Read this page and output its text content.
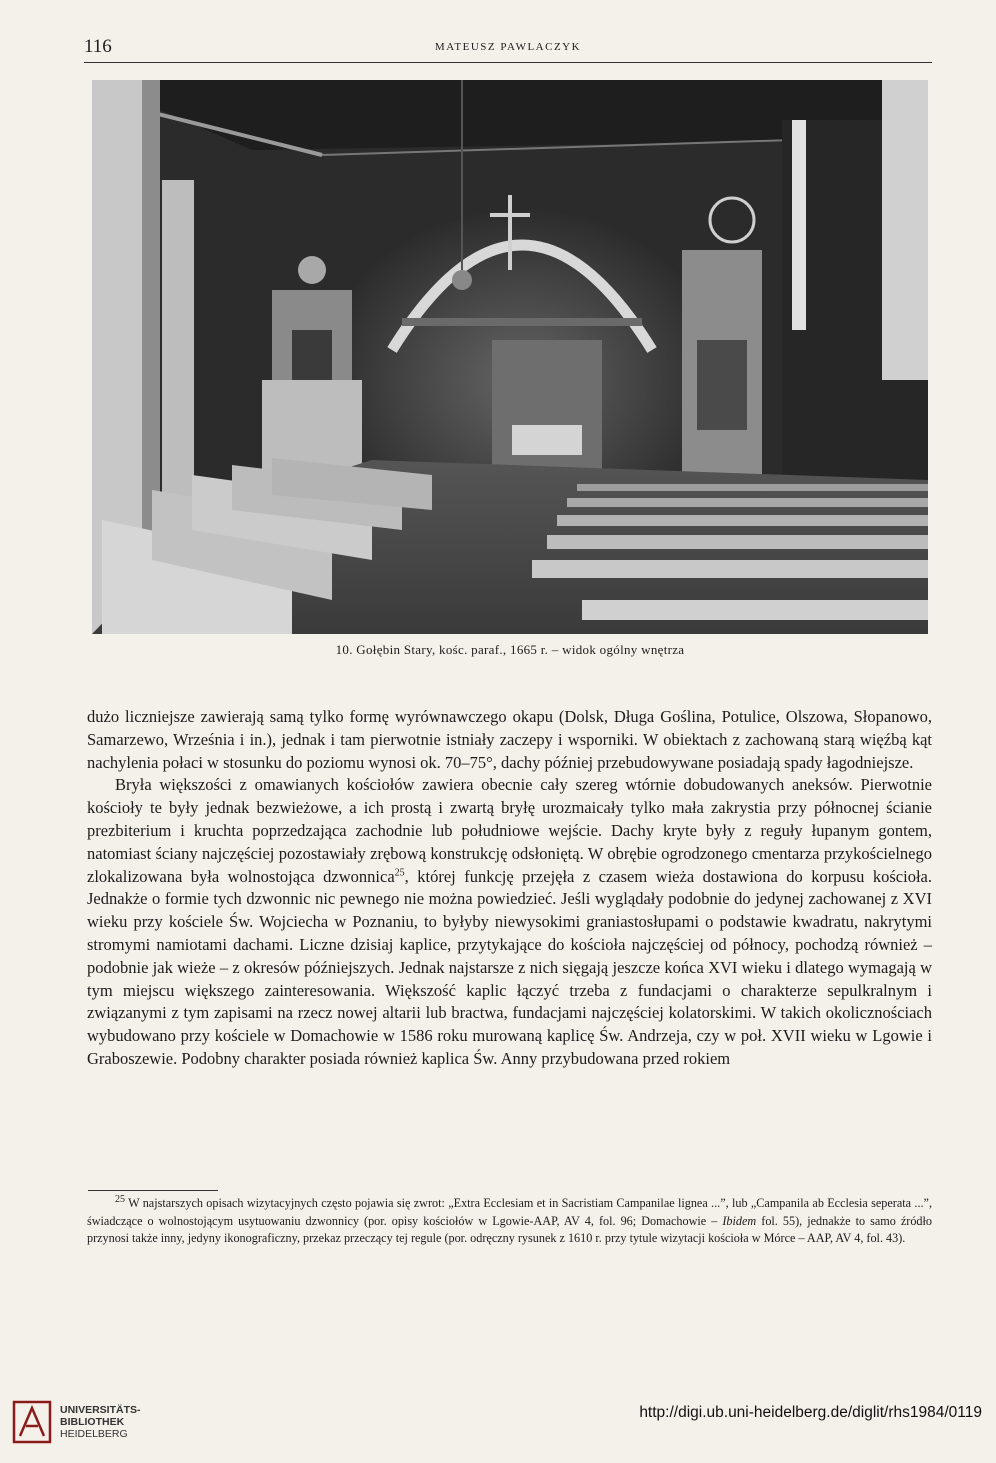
116	MATEUSZ PAWLACZYK
10. Gołębin Stary, kośc. paraf., 1665 r. – widok ogólny wnętrza

dużo liczniejsze zawierają samą tylko formę wyrównawczego okapu (Dolsk, Długa Goślina, Potulice, Olszowa, Słopanowo, Samarzewo, Września i in.), jednak i tam pierwotnie istniały zaczepy i wsporniki. W obiektach z zachowaną starą więźbą kąt nachylenia połaci w stosunku do poziomu wynosi ok. 70–75°, dachy później przebudowywane posiadają spady łagodniejsze.

Bryła większości z omawianych kościołów zawiera obecnie cały szereg wtórnie dobudowanych aneksów. Pierwotnie kościoły te były jednak bezwieżowe, a ich prostą i zwartą bryłę urozmaicały tylko mała zakrystia przy północnej ścianie prezbiterium i kruchta poprzedzająca zachodnie lub południowe wejście. Dachy kryte były z reguły łupanym gontem, natomiast ściany najczęściej pozostawiały zrębową konstrukcję odsłoniętą. W obrębie ogrodzonego cmentarza przykościelnego zlokalizowana była wolnostojąca dzwonnica$^{25}$, której funkcję przejęła z czasem wieża dostawiona do korpusu kościoła. Jednakże o formie tych dzwonnic nic pewnego nie można powiedzieć. Jeśli wyglądały podobnie do jedynej zachowanej z XVI wieku przy kościele Św. Wojciecha w Poznaniu, to byłyby niewysokimi graniastosłupami o podstawie kwadratu, nakrytymi stromymi namiotami dachami. Liczne dzisiaj kaplice, przytykające do kościoła najczęściej od północy, pochodzą również – podobnie jak wieże – z okresów późniejszych. Jednak najstarsze z nich sięgają jeszcze końca XVI wieku i dlatego wymagają w tym miejscu większego zainteresowania. Większość kaplic łączyć trzeba z fundacjami o charakterze sepulkralnym i związanymi z tym zapisami na rzecz nowej altarii lub bractwa, fundacjami najczęściej kolatorskimi. W takich okolicznościach wybudowano przy kościele w Domachowie w 1586 roku murowaną kaplicę Św. Andrzeja, czy w poł. XVII wieku w Lgowie i Graboszewie. Podobny charakter posiada również kaplica Św. Anny przybudowana przed rokiem

$^{25}$ W najstarszych opisach wizytacyjnych często pojawia się zwrot: „Extra Ecclesiam et in Sacristiam Campanilae lignea ...”, lub „Campanila ab Ecclesia seperata ...”, świadczące o wolnostojącym usytuowaniu dzwonnicy (por. opisy kościołów w Lgowie-AAP, AV 4, fol. 96; Domachowie – Ibidem fol. 55), jednakże to samo źródło przynosi także inny, jedyny ikonograficzny, przekaz przeczący tej regule (por. odręczny rysunek z 1610 r. przy tytule wizytacji kościoła w Mórce – AAP, AV 4, fol. 43).
UNIVERSITÄTS-
BIBLIOTHEK
HEIDELBERG
http://digi.ub.uni-heidelberg.de/diglit/rhs1984/0119
